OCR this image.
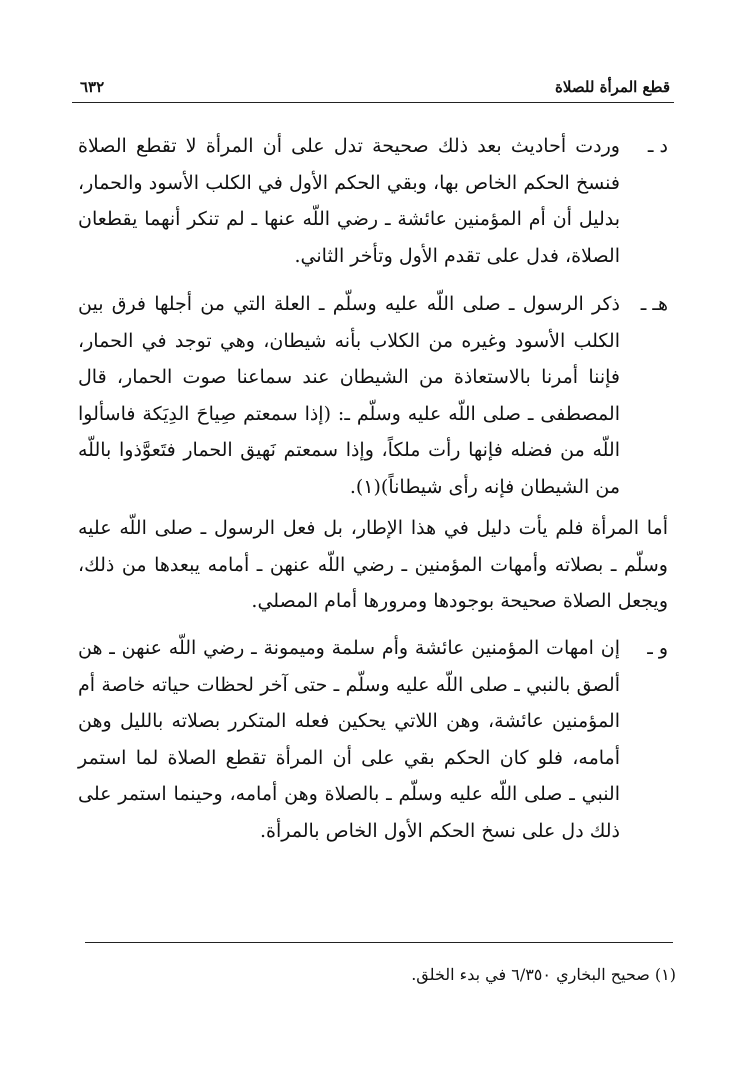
قطع المرأة للصلاة
٦٣٢
د ـ
وردت أحاديث بعد ذلك صحيحة تدل على أن المرأة لا تقطع الصلاة فنسخ الحكم الخاص بها، وبقي الحكم الأول في الكلب الأسود والحمار، بدليل أن أم المؤمنين عائشة ـ رضي اللّه عنها ـ لم تنكر أنهما يقطعان الصلاة، فدل على تقدم الأول وتأخر الثاني.
هـ ـ
ذكر الرسول ـ صلى اللّه عليه وسلّم ـ العلة التي من أجلها فرق بين الكلب الأسود وغيره من الكلاب بأنه شيطان، وهي توجد في الحمار، فإننا أمرنا بالاستعاذة من الشيطان عند سماعنا صوت الحمار، قال المصطفى ـ صلى اللّه عليه وسلّم ـ: (إذا سمعتم صِياحَ الدِيَكة فاسألوا اللّه من فضله فإنها رأت ملكاً، وإذا سمعتم نَهيق الحمار فتَعوَّذوا باللّه من الشيطان فإنه رأى شيطاناً)(١).
أما المرأة فلم يأت دليل في هذا الإطار، بل فعل الرسول ـ صلى اللّه عليه وسلّم ـ بصلاته وأمهات المؤمنين ـ رضي اللّه عنهن ـ أمامه يبعدها من ذلك، ويجعل الصلاة صحيحة بوجودها ومرورها أمام المصلي.
و ـ
إن امهات المؤمنين عائشة وأم سلمة وميمونة ـ رضي اللّه عنهن ـ هن ألصق بالنبي ـ صلى اللّه عليه وسلّم ـ حتى آخر لحظات حياته خاصة أم المؤمنين عائشة، وهن اللاتي يحكين فعله المتكرر بصلاته بالليل وهن أمامه، فلو كان الحكم بقي على أن المرأة تقطع الصلاة لما استمر النبي ـ صلى اللّه عليه وسلّم ـ بالصلاة وهن أمامه، وحينما استمر على ذلك دل على نسخ الحكم الأول الخاص بالمرأة.
(١) صحيح البخاري ٦/٣٥٠ في بدء الخلق.
